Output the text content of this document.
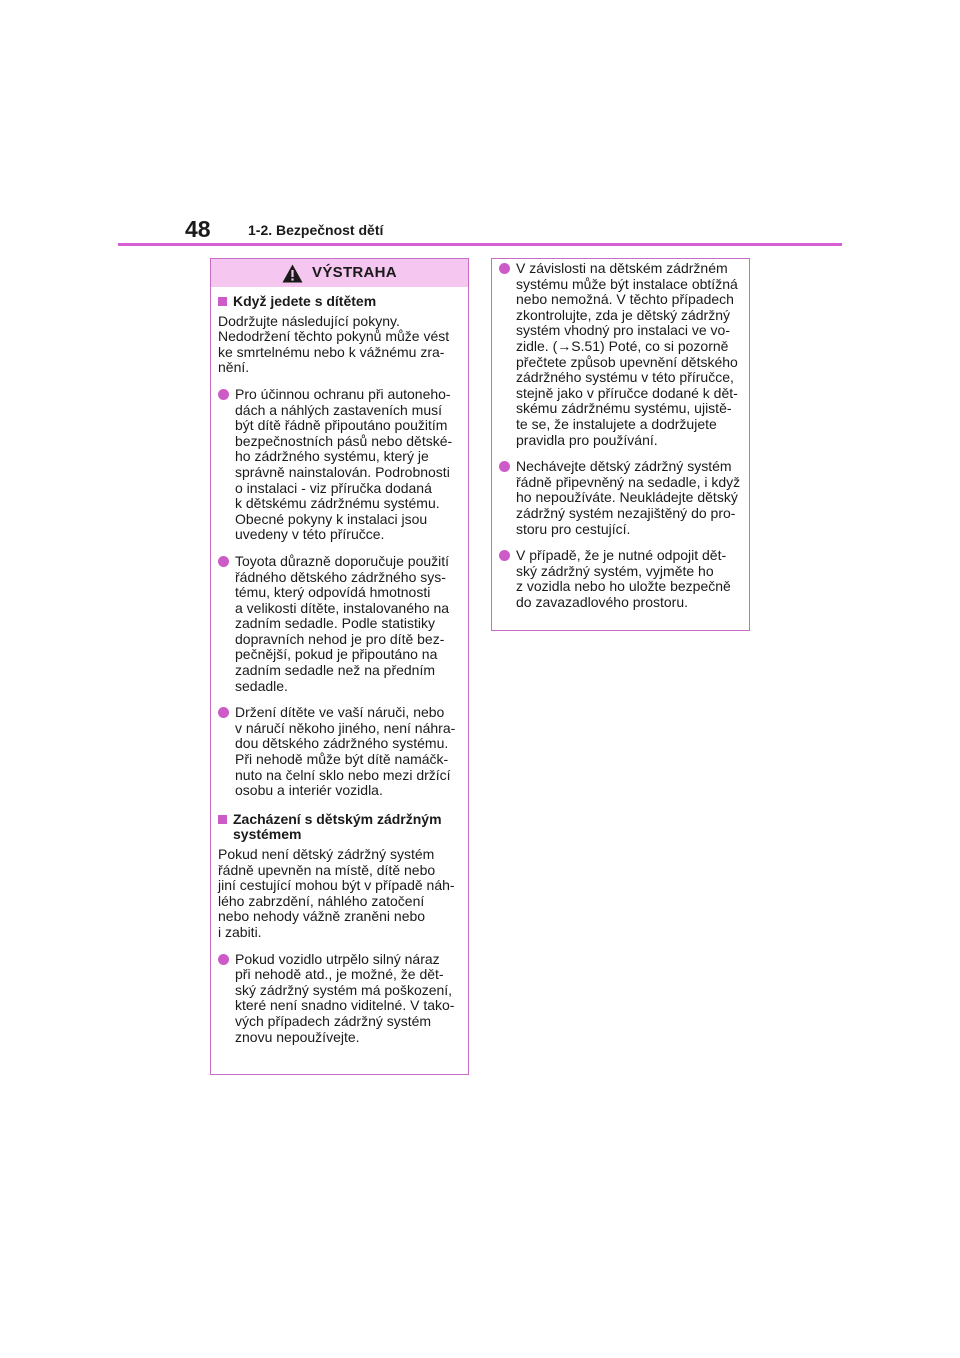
48	1-2. Bezpečnost dětí
VÝSTRAHA
Když jedete s dítětem
Dodržujte následující pokyny.
Nedodržení těchto pokynů může vést
ke smrtelnému nebo k vážnému zra-
nění.
Pro účinnou ochranu při autoneho-
dách a náhlých zastaveních musí
být dítě řádně připoutáno použitím
bezpečnostních pásů nebo dětské-
ho zádržného systému, který je
správně nainstalován. Podrobnosti
o instalaci - viz příručka dodaná
k dětskému zádržnému systému.
Obecné pokyny k instalaci jsou
uvedeny v této příručce.
Toyota důrazně doporučuje použití
řádného dětského zádržného sys-
tému, který odpovídá hmotnosti
a velikosti dítěte, instalovaného na
zadním sedadle. Podle statistiky
dopravních nehod je pro dítě bez-
pečnější, pokud je připoutáno na
zadním sedadle než na předním
sedadle.
Držení dítěte ve vaší náruči, nebo
v náručí někoho jiného, není náhra-
dou dětského zádržného systému.
Při nehodě může být dítě namáčk-
nuto na čelní sklo nebo mezi držící
osobu a interiér vozidla.
Zacházení s dětským zádržným
systémem
Pokud není dětský zádržný systém
řádně upevněn na místě, dítě nebo
jiní cestující mohou být v případě náh-
lého zabrzdění, náhlého zatočení
nebo nehody vážně zraněni nebo
i zabiti.
Pokud vozidlo utrpělo silný náraz
při nehodě atd., je možné, že dět-
ský zádržný systém má poškození,
které není snadno viditelné. V tako-
vých případech zádržný systém
znovu nepoužívejte.
V závislosti na dětském zádržném
systému může být instalace obtížná
nebo nemožná. V těchto případech
zkontrolujte, zda je dětský zádržný
systém vhodný pro instalaci ve vo-
zidle. (→S.51) Poté, co si pozorně
přečtete způsob upevnění dětského
zádržného systému v této příručce,
stejně jako v příručce dodané k dět-
skému zádržnému systému, ujistě-
te se, že instalujete a dodržujete
pravidla pro používání.
Nechávejte dětský zádržný systém
řádně připevněný na sedadle, i když
ho nepoužíváte. Neukládejte dětský
zádržný systém nezajištěný do pro-
storu pro cestující.
V případě, že je nutné odpojit dět-
ský zádržný systém, vyjměte ho
z vozidla nebo ho uložte bezpečně
do zavazadlového prostoru.
